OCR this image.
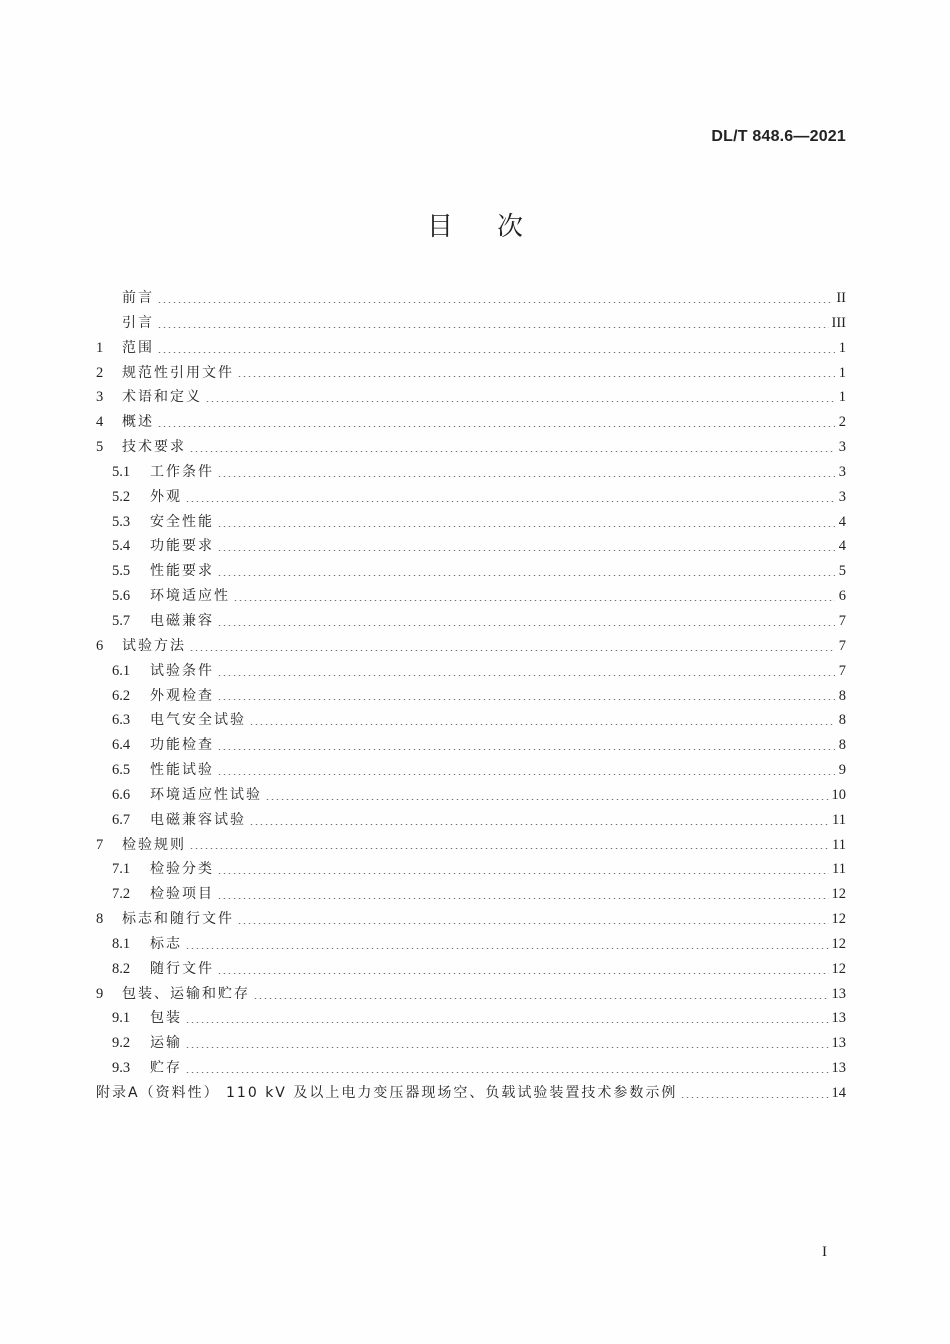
DL/T 848.6—2021
目次
前言	II
引言	III
1	范围	1
2	规范性引用文件	1
3	术语和定义	1
4	概述	2
5	技术要求	3
5.1	工作条件	3
5.2	外观	3
5.3	安全性能	4
5.4	功能要求	4
5.5	性能要求	5
5.6	环境适应性	6
5.7	电磁兼容	7
6	试验方法	7
6.1	试验条件	7
6.2	外观检查	8
6.3	电气安全试验	8
6.4	功能检查	8
6.5	性能试验	9
6.6	环境适应性试验	10
6.7	电磁兼容试验	11
7	检验规则	11
7.1	检验分类	11
7.2	检验项目	12
8	标志和随行文件	12
8.1	标志	12
8.2	随行文件	12
9	包装、运输和贮存	13
9.1	包装	13
9.2	运输	13
9.3	贮存	13
附录A（资料性） 110 kV 及以上电力变压器现场空、负载试验装置技术参数示例	14
I
